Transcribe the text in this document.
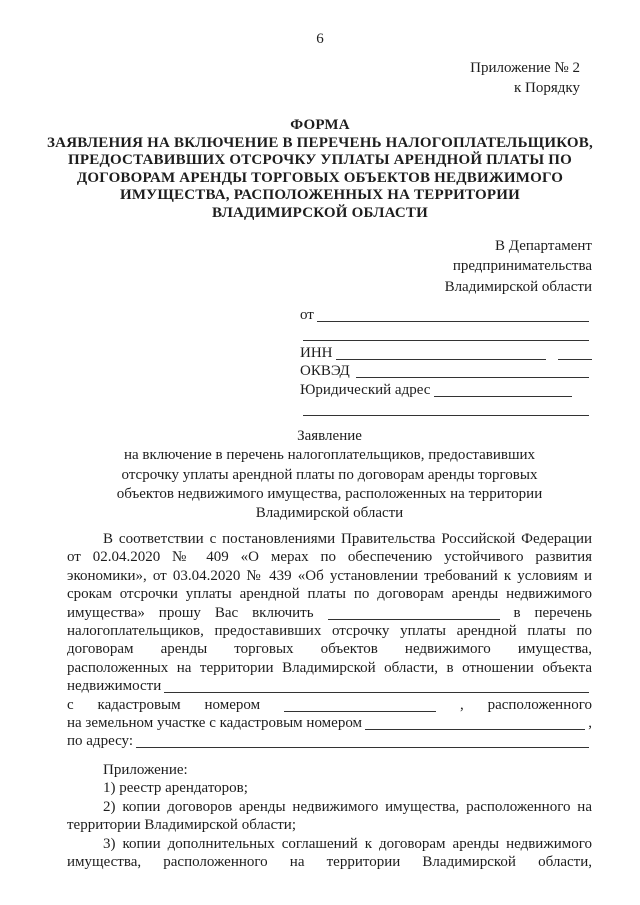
6
Приложение № 2
к Порядку
ФОРМА
ЗАЯВЛЕНИЯ НА ВКЛЮЧЕНИЕ В ПЕРЕЧЕНЬ НАЛОГОПЛАТЕЛЬЩИКОВ,
ПРЕДОСТАВИВШИХ ОТСРОЧКУ УПЛАТЫ АРЕНДНОЙ ПЛАТЫ ПО
ДОГОВОРАМ АРЕНДЫ ТОРГОВЫХ ОБЪЕКТОВ НЕДВИЖИМОГО
ИМУЩЕСТВА, РАСПОЛОЖЕННЫХ НА ТЕРРИТОРИИ
ВЛАДИМИРСКОЙ ОБЛАСТИ
В Департамент
предпринимательства
Владимирской области
от
ИНН
ОКВЭД
Юридический адрес
Заявление
на включение в перечень налогоплательщиков, предоставивших
отсрочку уплаты арендной платы по договорам аренды торговых
объектов недвижимого имущества, расположенных на территории
Владимирской области
В соответствии с постановлениями Правительства Российской Федерации
от 02.04.2020 № 409 «О мерах по обеспечению устойчивого развития
экономики», от 03.04.2020 № 439 «Об установлении требований к условиям и
срокам отсрочки уплаты арендной платы по договорам аренды недвижимого
имущества» прошу Вас включить	в перечень
налогоплательщиков, предоставивших отсрочку уплаты арендной платы по
договорам аренды торговых объектов недвижимого имущества,
расположенных на территории Владимирской области, в отношении объекта
недвижимости
с кадастровым номером	, расположенного
на земельном участке с кадастровым номером	,
по адресу:
Приложение:
1) реестр арендаторов;
2) копии договоров аренды недвижимого имущества, расположенного на
территории Владимирской области;
3) копии дополнительных соглашений к договорам аренды недвижимого
имущества, расположенного на территории Владимирской области,
